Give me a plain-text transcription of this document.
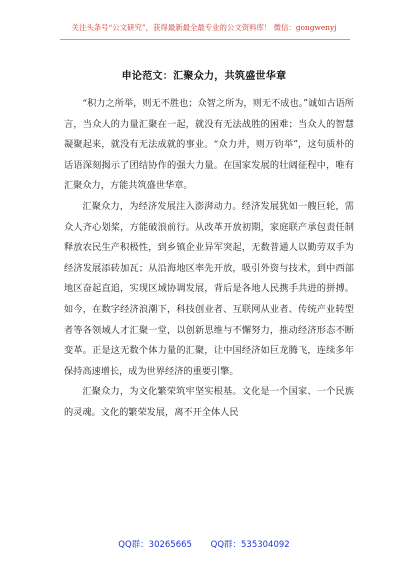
关注头条号“公文研究”，获得最新最全最专业的公文资料库！ 微信：gongwenyj
申论范文：汇聚众力，共筑盛世华章

“积力之所举，则无不胜也；众智之所为，则无不成也。”诚如古语所言，当众人的力量汇聚在一起，就没有无法战胜的困难；当众人的智慧凝聚起来，就没有无法成就的事业。“众力并，则万钧举”，这句质朴的话语深刻揭示了团结协作的强大力量。在国家发展的壮阔征程中，唯有汇聚众力，方能共筑盛世华章。

汇聚众力，为经济发展注入澎湃动力。经济发展犹如一艘巨轮，需众人齐心划桨，方能破浪前行。从改革开放初期，家庭联产承包责任制释放农民生产积极性，到乡镇企业异军突起，无数普通人以勤劳双手为经济发展添砖加瓦；从沿海地区率先开放，吸引外资与技术，到中西部地区奋起直追，实现区域协调发展，背后是各地人民携手共进的拼搏。如今，在数字经济浪潮下，科技创业者、互联网从业者、传统产业转型者等各领域人才汇聚一堂，以创新思维与不懈努力，推动经济形态不断变革。正是这无数个体力量的汇聚，让中国经济如巨龙腾飞，连续多年保持高速增长，成为世界经济的重要引擎。

汇聚众力，为文化繁荣筑牢坚实根基。文化是一个国家、一个民族的灵魂。文化的繁荣发展，离不开全体人民

QQ群：30265665 QQ群：535304092
